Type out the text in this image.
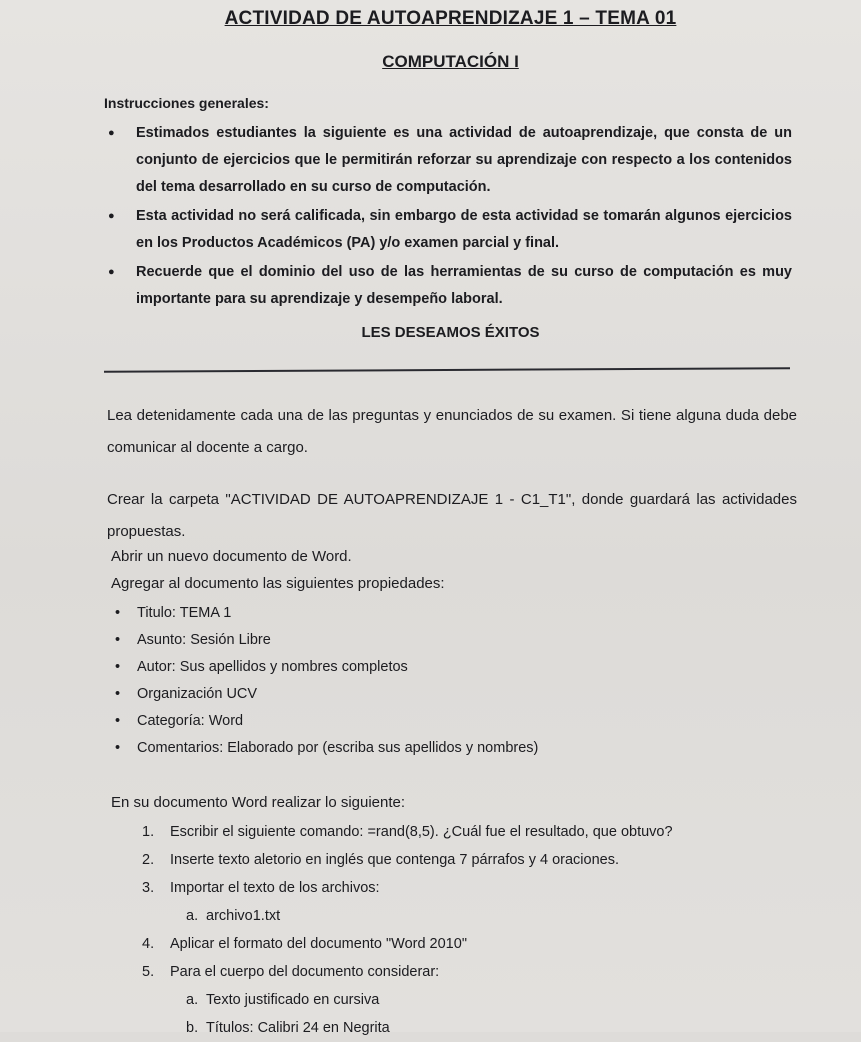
ACTIVIDAD DE AUTOAPRENDIZAJE 1 – TEMA 01
COMPUTACIÓN I
Instrucciones generales:
● Estimados estudiantes la siguiente es una actividad de autoaprendizaje, que consta de un conjunto de ejercicios que le permitirán reforzar su aprendizaje con respecto a los contenidos del tema desarrollado en su curso de computación.
● Esta actividad no será calificada, sin embargo de esta actividad se tomarán algunos ejercicios en los Productos Académicos (PA) y/o examen parcial y final.
● Recuerde que el dominio del uso de las herramientas de su curso de computación es muy importante para su aprendizaje y desempeño laboral.
LES DESEAMOS ÉXITOS
Lea detenidamente cada una de las preguntas y enunciados de su examen. Si tiene alguna duda debe comunicar al docente a cargo.
Crear la carpeta "ACTIVIDAD DE AUTOAPRENDIZAJE 1 - C1_T1", donde guardará las actividades propuestas.
Abrir un nuevo documento de Word.
Agregar al documento las siguientes propiedades:
• Titulo: TEMA 1
• Asunto: Sesión Libre
• Autor: Sus apellidos y nombres completos
• Organización UCV
• Categoría: Word
• Comentarios: Elaborado por (escriba sus apellidos y nombres)
En su documento Word realizar lo siguiente:
1. Escribir el siguiente comando: =rand(8,5). ¿Cuál fue el resultado, que obtuvo?
2. Inserte texto aletorio en inglés que contenga 7 párrafos y 4 oraciones.
3. Importar el texto de los archivos:
a. archivo1.txt
4. Aplicar el formato del documento "Word 2010"
5. Para el cuerpo del documento considerar:
a. Texto justificado en cursiva
b. Títulos: Calibri 24 en Negrita
